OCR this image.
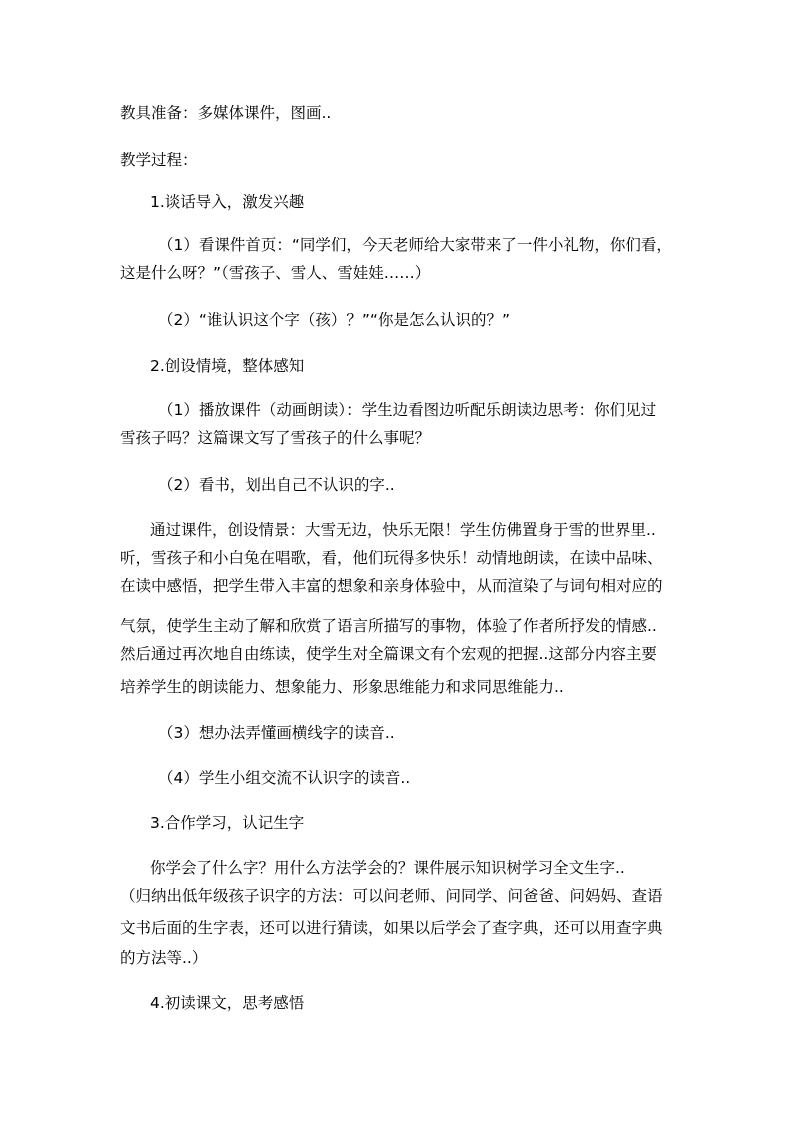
教具准备：多媒体课件，图画..

教学过程：

1.谈话导入，激发兴趣

（1）看课件首页：“同学们，今天老师给大家带来了一件小礼物，你们看，

这是什么呀？”（雪孩子、雪人、雪娃娃……）

（2）“谁认识这个字（孩）？”“你是怎么认识的？”

2.创设情境，整体感知

（1）播放课件（动画朗读）：学生边看图边听配乐朗读边思考：你们见过

雪孩子吗？这篇课文写了雪孩子的什么事呢？

（2）看书，划出自己不认识的字..

通过课件，创设情景：大雪无边，快乐无限！学生仿佛置身于雪的世界里..

听，雪孩子和小白兔在唱歌，看，他们玩得多快乐！动情地朗读，在读中品味、

在读中感悟，把学生带入丰富的想象和亲身体验中，从而渲染了与词句相对应的

气氛，使学生主动了解和欣赏了语言所描写的事物，体验了作者所抒发的情感..

然后通过再次地自由练读，使学生对全篇课文有个宏观的把握..这部分内容主要

培养学生的朗读能力、想象能力、形象思维能力和求同思维能力..

（3）想办法弄懂画横线字的读音..

（4）学生小组交流不认识字的读音..

3.合作学习，认记生字

你学会了什么字？用什么方法学会的？课件展示知识树学习全文生字..

（归纳出低年级孩子识字的方法：可以问老师、问同学、问爸爸、问妈妈、查语

文书后面的生字表，还可以进行猜读，如果以后学会了查字典，还可以用查字典

的方法等..）

4.初读课文，思考感悟
